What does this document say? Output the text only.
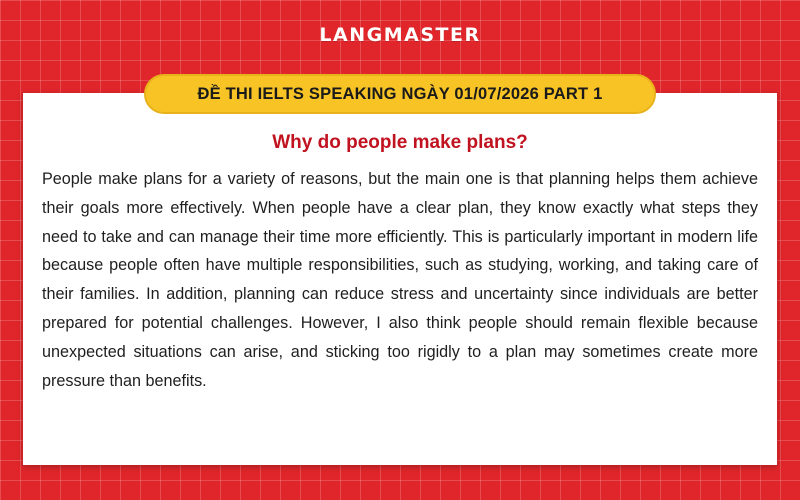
LANGMASTER
ĐỀ THI IELTS SPEAKING NGÀY 01/07/2026 PART 1
Why do people make plans?

People make plans for a variety of reasons, but the main one is that planning helps them achieve their goals more effectively. When people have a clear plan, they know exactly what steps they need to take and can manage their time more efficiently. This is particularly important in modern life because people often have multiple responsibilities, such as studying, working, and taking care of their families. In addition, planning can reduce stress and uncertainty since individuals are better prepared for potential challenges. However, I also think people should remain flexible because unexpected situations can arise, and sticking too rigidly to a plan may sometimes create more pressure than benefits.
